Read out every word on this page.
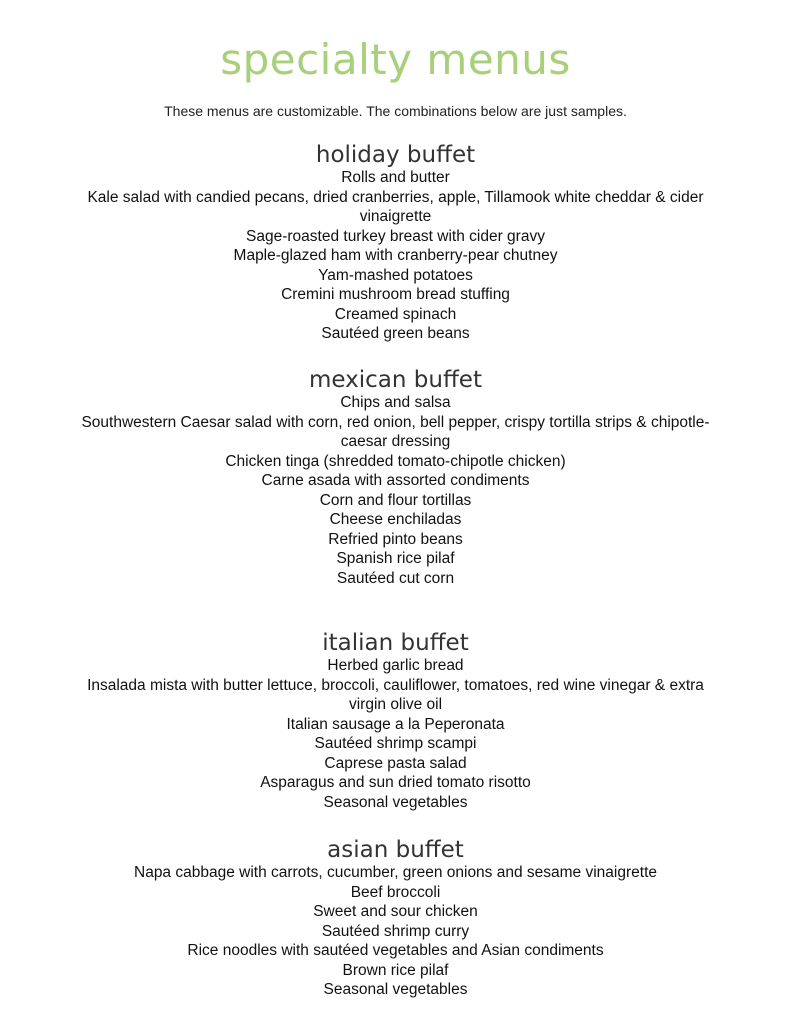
specialty menus
These menus are customizable. The combinations below are just samples.
holiday buffet
Rolls and butter
Kale salad with candied pecans, dried cranberries, apple, Tillamook white cheddar & cider vinaigrette
Sage-roasted turkey breast with cider gravy
Maple-glazed ham with cranberry-pear chutney
Yam-mashed potatoes
Cremini mushroom bread stuffing
Creamed spinach
Sautéed green beans
mexican buffet
Chips and salsa
Southwestern Caesar salad with corn, red onion, bell pepper, crispy tortilla strips & chipotle-caesar dressing
Chicken tinga (shredded tomato-chipotle chicken)
Carne asada with assorted condiments
Corn and flour tortillas
Cheese enchiladas
Refried pinto beans
Spanish rice pilaf
Sautéed cut corn
italian buffet
Herbed garlic bread
Insalada mista with butter lettuce, broccoli, cauliflower, tomatoes, red wine vinegar & extra virgin olive oil
Italian sausage a la Peperonata
Sautéed shrimp scampi
Caprese pasta salad
Asparagus and sun dried tomato risotto
Seasonal vegetables
asian buffet
Napa cabbage with carrots, cucumber, green onions and sesame vinaigrette
Beef broccoli
Sweet and sour chicken
Sautéed shrimp curry
Rice noodles with sautéed vegetables and Asian condiments
Brown rice pilaf
Seasonal vegetables
